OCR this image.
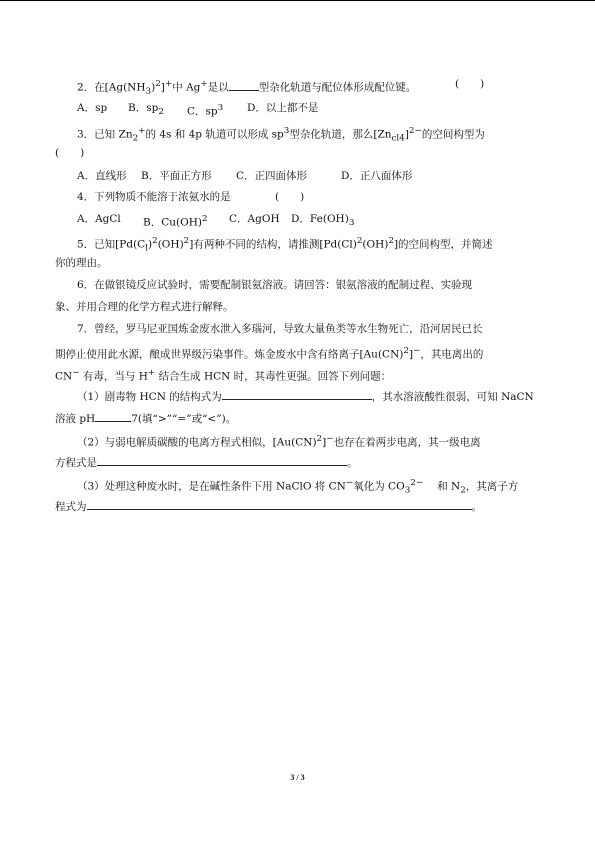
2．在$[Ag(NH_3)^2]^+$中 Ag+是以	型杂化轨道与配位体形成配位键。	(　　)
A．sp B．$sp_2$ C．$sp^3$ D．以上都不是
3．已知 $Zn_2^+$的 4s 和 4p 轨道可以形成 $sp^3$型杂化轨道，那么$[Zn_{cl4}]^{2-}$的空间构型为
(　　)
A．直线形 B．平面正方形 C．正四面体形	D．正八面体形
4．下列物质不能溶于浓氨水的是	(　　)
A．AgCl B．Cu(OH)$^2$ C．AgOH D．$Fe(OH)_3$
5．已知$[Pd(C_l)^2(OH)^2]$有两种不同的结构，请推测$[Pd(Cl)^2(OH)^2]$的空间构型，并简述
你的理由。
6．在做银镜反应试验时，需要配制银氨溶液。请回答：银氨溶液的配制过程、实验现
象、并用合理的化学方程式进行解释。
7．曾经，罗马尼亚国炼金废水泄入多瑙河，导致大量鱼类等水生物死亡，沿河居民已长
期停止使用此水源，酿成世界级污染事件。炼金废水中含有络离子[Au(CN)$^2$]−，其电离出的
CN− 有毒，当与 H+ 结合生成 HCN 时，其毒性更强。回答下列问题：
（1）剧毒物 HCN 的结构式为	，其水溶液酸性很弱，可知 NaCN
溶液 pH	7(填“>”“=”或“<”)。
（2）与弱电解质碳酸的电离方程式相似，[Au(CN)$^2$]−也存在着两步电离，其一级电离
方程式是	。
（3）处理这种废水时，是在碱性条件下用 NaClO 将 CN−氧化为 $CO_3^{2-}$ 和 $N_2$，其离子方
程式为	。
3 / 3
